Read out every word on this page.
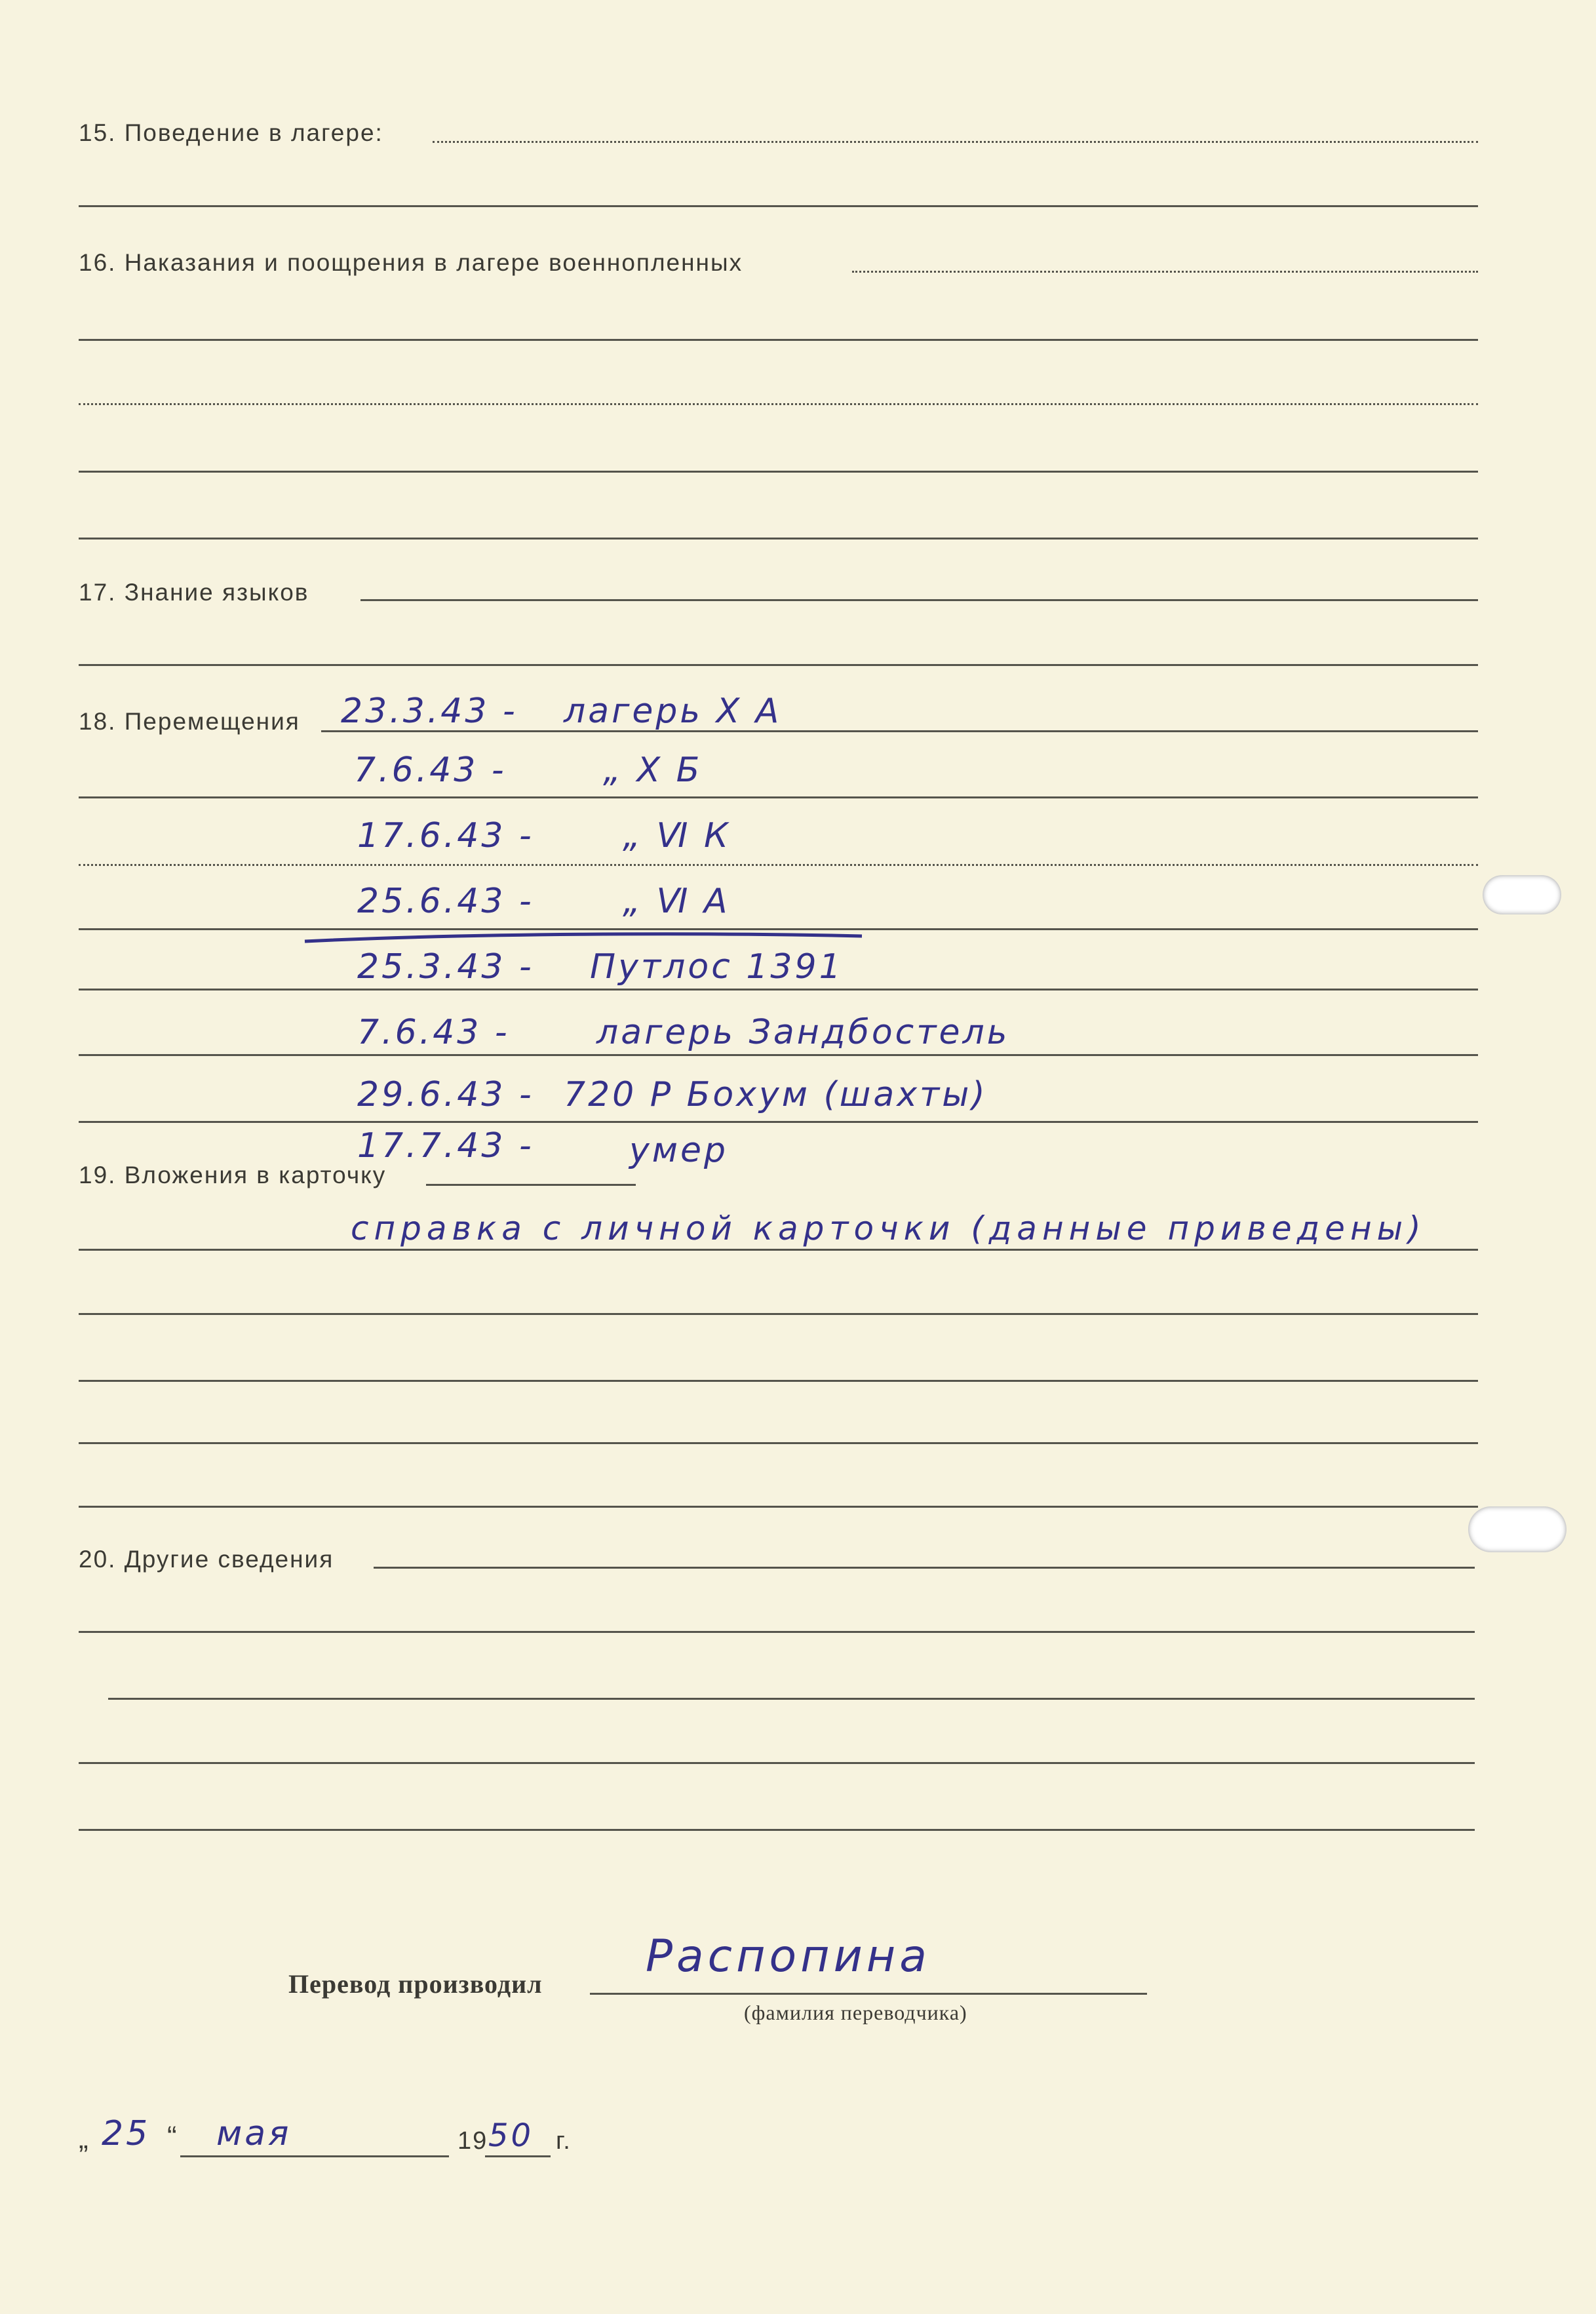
15. Поведение в лагере:
16. Наказания и поощрения в лагере военнопленных
17. Знание языков
18. Перемещения 23.3.43 - лагерь Ⅹ А
7.6.43 -	„ Ⅹ Б
17.6.43 -	„ Ⅵ К
25.6.43 -	„ Ⅵ А
25.3.43 - Путлос 1391
7.6.43 -	лагерь Зандбостель
29.6.43 - 720 Р Бохум (шахты)
17.7.43 -	умер
19. Вложения в карточку
справка с личной карточки (данные приведены)
20. Другие сведения
Перевод производил
Распопина
(фамилия переводчика)
„ 25 “ мая	19 50 г.
